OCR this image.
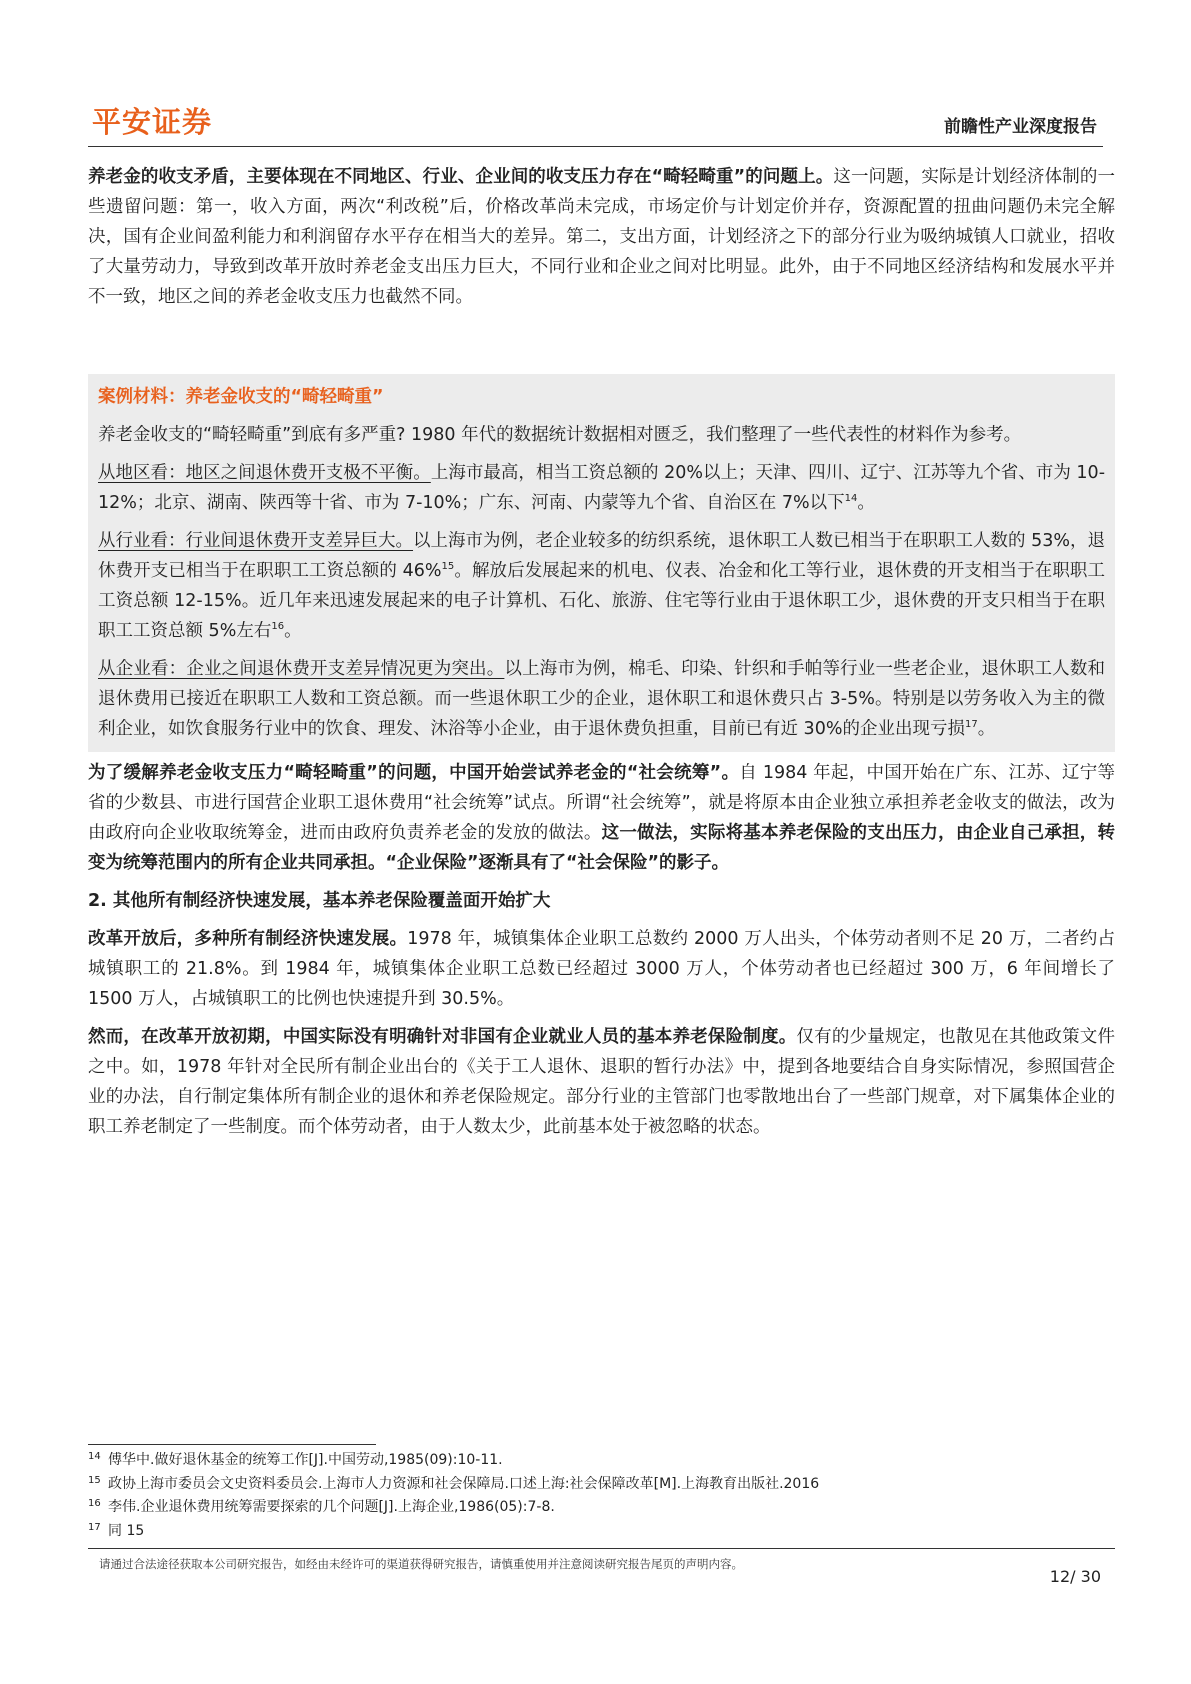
平安证券	前瞻性产业深度报告

养老金的收支矛盾，主要体现在不同地区、行业、企业间的收支压力存在“畸轻畸重”的问题上。这一问题，实际是计划经济体制的一些遗留问题：第一，收入方面，两次“利改税”后，价格改革尚未完成，市场定价与计划定价并存，资源配置的扭曲问题仍未完全解决，国有企业间盈利能力和利润留存水平存在相当大的差异。第二，支出方面，计划经济之下的部分行业为吸纳城镇人口就业，招收了大量劳动力，导致到改革开放时养老金支出压力巨大，不同行业和企业之间对比明显。此外，由于不同地区经济结构和发展水平并不一致，地区之间的养老金收支压力也截然不同。

案例材料：养老金收支的“畸轻畸重”

养老金收支的“畸轻畸重”到底有多严重? 1980 年代的数据统计数据相对匮乏，我们整理了一些代表性的材料作为参考。

从地区看：地区之间退休费开支极不平衡。上海市最高，相当工资总额的 20%以上；天津、四川、辽宁、江苏等九个省、市为 10-12%；北京、湖南、陕西等十省、市为 7-10%；广东、河南、内蒙等九个省、自治区在 7%以下$^{14}$。

从行业看：行业间退休费开支差异巨大。以上海市为例，老企业较多的纺织系统，退休职工人数已相当于在职职工人数的 53%，退休费开支已相当于在职职工工资总额的 46%$^{15}$。解放后发展起来的机电、仪表、冶金和化工等行业，退休费的开支相当于在职职工工资总额 12-15%。近几年来迅速发展起来的电子计算机、石化、旅游、住宅等行业由于退休职工少，退休费的开支只相当于在职职工工资总额 5%左右$^{16}$。

从企业看：企业之间退休费开支差异情况更为突出。以上海市为例，棉毛、印染、针织和手帕等行业一些老企业，退休职工人数和退休费用已接近在职职工人数和工资总额。而一些退休职工少的企业，退休职工和退休费只占 3-5%。特别是以劳务收入为主的微利企业，如饮食服务行业中的饮食、理发、沐浴等小企业，由于退休费负担重，目前已有近 30%的企业出现亏损$^{17}$。

为了缓解养老金收支压力“畸轻畸重”的问题，中国开始尝试养老金的“社会统筹”。自 1984 年起，中国开始在广东、江苏、辽宁等省的少数县、市进行国营企业职工退休费用“社会统筹”试点。所谓“社会统筹”，就是将原本由企业独立承担养老金收支的做法，改为由政府向企业收取统筹金，进而由政府负责养老金的发放的做法。这一做法，实际将基本养老保险的支出压力，由企业自己承担，转变为统筹范围内的所有企业共同承担。“企业保险”逐渐具有了“社会保险”的影子。

2. 其他所有制经济快速发展，基本养老保险覆盖面开始扩大

改革开放后，多种所有制经济快速发展。1978 年，城镇集体企业职工总数约 2000 万人出头，个体劳动者则不足 20 万，二者约占城镇职工的 21.8%。到 1984 年，城镇集体企业职工总数已经超过 3000 万人，个体劳动者也已经超过 300 万，6 年间增长了 1500 万人，占城镇职工的比例也快速提升到 30.5%。

然而，在改革开放初期，中国实际没有明确针对非国有企业就业人员的基本养老保险制度。仅有的少量规定，也散见在其他政策文件之中。如，1978 年针对全民所有制企业出台的《关于工人退休、退职的暂行办法》中，提到各地要结合自身实际情况，参照国营企业的办法，自行制定集体所有制企业的退休和养老保险规定。部分行业的主管部门也零散地出台了一些部门规章，对下属集体企业的职工养老制定了一些制度。而个体劳动者，由于人数太少，此前基本处于被忽略的状态。

14 傅华中.做好退休基金的统筹工作[J].中国劳动,1985(09):10-11.
15 政协上海市委员会文史资料委员会.上海市人力资源和社会保障局.口述上海:社会保障改革[M].上海教育出版社.2016
16 李伟.企业退休费用统筹需要探索的几个问题[J].上海企业,1986(05):7-8.
17 同 15
请通过合法途径获取本公司研究报告，如经由未经许可的渠道获得研究报告，请慎重使用并注意阅读研究报告尾页的声明内容。
12/ 30
